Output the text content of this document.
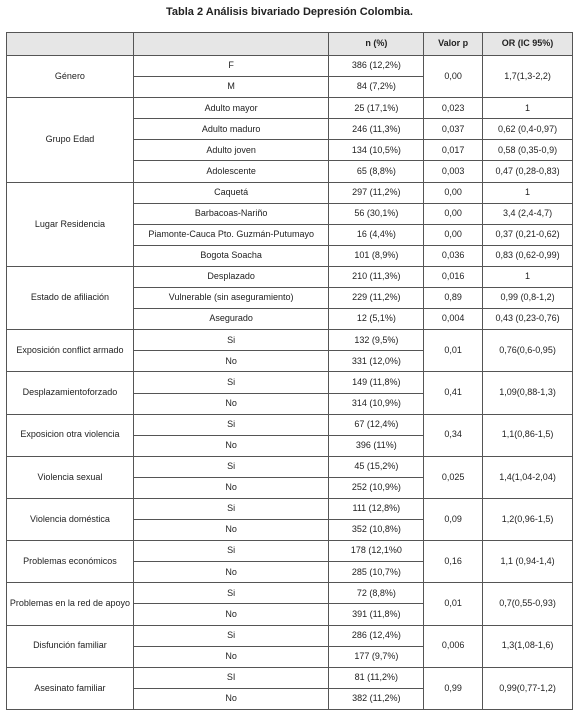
Tabla 2 Análisis bivariado Depresión Colombia.
		n (%)	Valor p	OR (IC 95%)
Género	F	386 (12,2%)	0,00	1,7(1,3-2,2)
	M	84 (7,2%)		
Grupo Edad	Adulto mayor	25 (17,1%)	0,023	1
	Adulto maduro	246 (11,3%)	0,037	0,62 (0,4-0,97)
	Adulto joven	134 (10,5%)	0,017	0,58 (0,35-0,9)
	Adolescente	65 (8,8%)	0,003	0,47 (0,28-0,83)
Lugar Residencia	Caquetá	297 (11,2%)	0,00	1
	Barbacoas-Nariño	56 (30,1%)	0,00	3,4 (2,4-4,7)
	Piamonte-Cauca Pto. Guzmán-Putumayo	16 (4,4%)	0,00	0,37 (0,21-0,62)
	Bogota Soacha	101 (8,9%)	0,036	0,83 (0,62-0,99)
Estado de afiliación	Desplazado	210 (11,3%)	0,016	1
	Vulnerable (sin aseguramiento)	229 (11,2%)	0,89	0,99 (0,8-1,2)
	Asegurado	12 (5,1%)	0,004	0,43 (0,23-0,76)
Exposición conflict armado	Si	132 (9,5%)	0,01	0,76(0,6-0,95)
	No	331 (12,0%)		
Desplazamientoforzado	Si	149 (11,8%)	0,41	1,09(0,88-1,3)
	No	314 (10,9%)		
Exposicion otra violencia	Si	67 (12,4%)	0,34	1,1(0,86-1,5)
	No	396 (11%)		
Violencia sexual	Si	45 (15,2%)	0,025	1,4(1,04-2,04)
	No	252 (10,9%)		
Violencia doméstica	Si	111 (12,8%)	0,09	1,2(0,96-1,5)
	No	352 (10,8%)		
Problemas económicos	Si	178 (12,1%0	0,16	1,1 (0,94-1,4)
	No	285 (10,7%)		
Problemas en la red de apoyo	Si	72 (8,8%)	0,01	0,7(0,55-0,93)
	No	391 (11,8%)		
Disfunción familiar	Si	286 (12,4%)	0,006	1,3(1,08-1,6)
	No	177 (9,7%)		
Asesinato familiar	SI	81 (11,2%)	0,99	0,99(0,77-1,2)
	No	382 (11,2%)		
